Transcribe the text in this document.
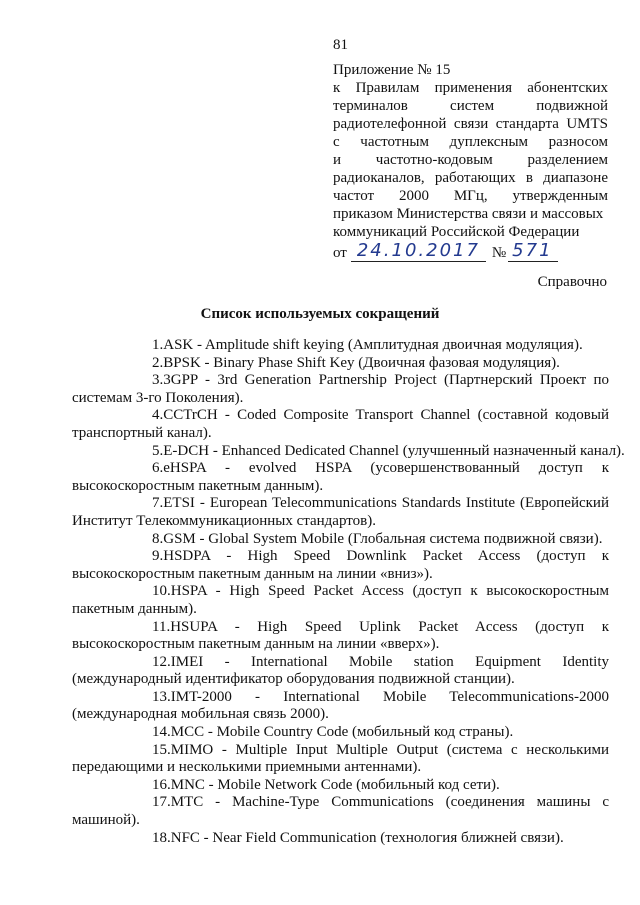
81
Приложение № 15
к Правилам применения абонентских
терминалов систем подвижной
радиотелефонной связи стандарта UMTS
с частотным дуплексным разносом
и частотно-кодовым разделением
радиоканалов, работающих в диапазоне
частот 2000 МГц, утвержденным
приказом Министерства связи и массовых
коммуникаций Российской Федерации
от 24.10.2017 № 571
Справочно
Список используемых сокращений

1.ASK - Amplitude shift keying (Амплитудная двоичная модуляция).

2.BPSK - Binary Phase Shift Key (Двоичная фазовая модуляция).

3.3GPP - 3rd Generation Partnership Project (Партнерский Проект по системам 3-го Поколения).

4.CCTrCH - Coded Composite Transport Channel (составной кодовый транспортный канал).

5.E-DCH - Enhanced Dedicated Channel (улучшенный назначенный канал).

6.eHSPA - evolved HSPA (усовершенствованный доступ к высокоскоростным пакетным данным).

7.ETSI - European Telecommunications Standards Institute (Европейский Институт Телекоммуникационных стандартов).

8.GSM - Global System Mobile (Глобальная система подвижной связи).

9.HSDPA - High Speed Downlink Packet Access (доступ к высокоскоростным пакетным данным на линии «вниз»).

10.HSPA - High Speed Packet Access (доступ к высокоскоростным пакетным данным).

11.HSUPA - High Speed Uplink Packet Access (доступ к высокоскоростным пакетным данным на линии «вверх»).

12.IMEI - International Mobile station Equipment Identity (международный идентификатор оборудования подвижной станции).

13.IMT-2000 - International Mobile Telecommunications-2000 (международная мобильная связь 2000).

14.MCC - Mobile Country Code (мобильный код страны).

15.MIMO - Multiple Input Multiple Output (система с несколькими передающими и несколькими приемными антеннами).

16.MNC - Mobile Network Code (мобильный код сети).

17.MTC - Machine-Type Communications (соединения машины с машиной).

18.NFC - Near Field Communication (технология ближней связи).
